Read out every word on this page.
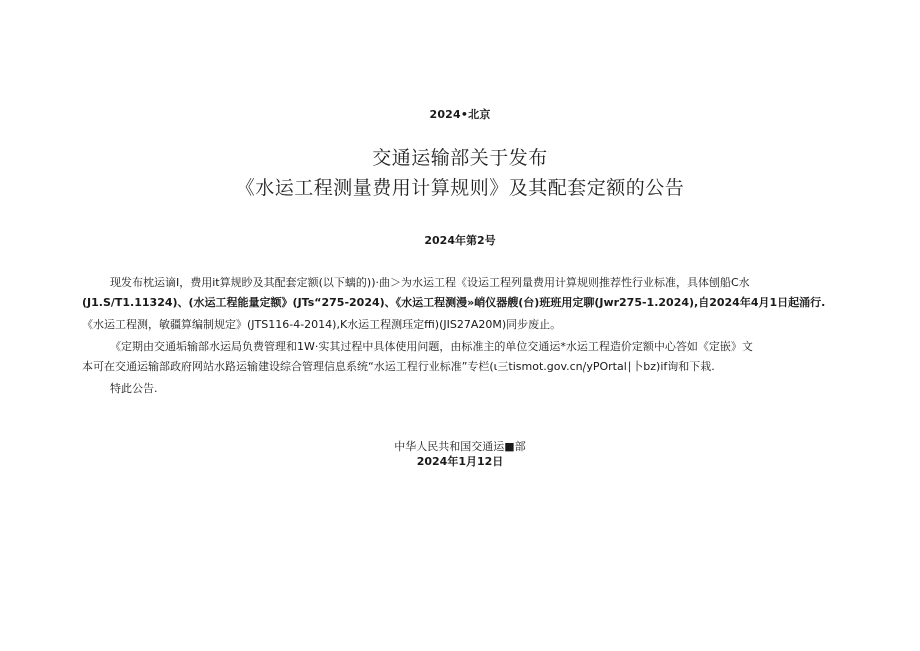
2024•北京
交通运输部关于发布
《水运工程测量费用计算规则》及其配套定额的公告
2024年第2号
现发布枕运谪I，费用it算规眇及其配套定额(以下螭的))·曲＞为水运工程《设运工程列量费用计算规则推荐性行业标准，具体刨船C水
(J1.S/T1.11324)、(水运工程能量定额》(JTs“275-2024)、《水运工程测漫»峭仪器艘(台)班班用定聊(Jwr275-1.2024),自2024年4月1日起涌行.
《水运工程测，敏疆算编制规定》(JTS116-4-2014),K水运工程测珏定ffi)(JIS27A20M)同步废止。
《定期由交通垢输部水运局负费管理和1W·实其过程中具体使用问题，由标准主的单位交通运*水运工程造价定额中心答如《定嵌》文
本可在交通运输部政府网站水路运输建设综合管理信息系统“水运工程行业标准”专栏(ι三tismot.gov.cn/ͅyPOrtal∣卜bz)if询和下栽.
特此公告.
中华人民共和国交通运■部
2024年1月12日
